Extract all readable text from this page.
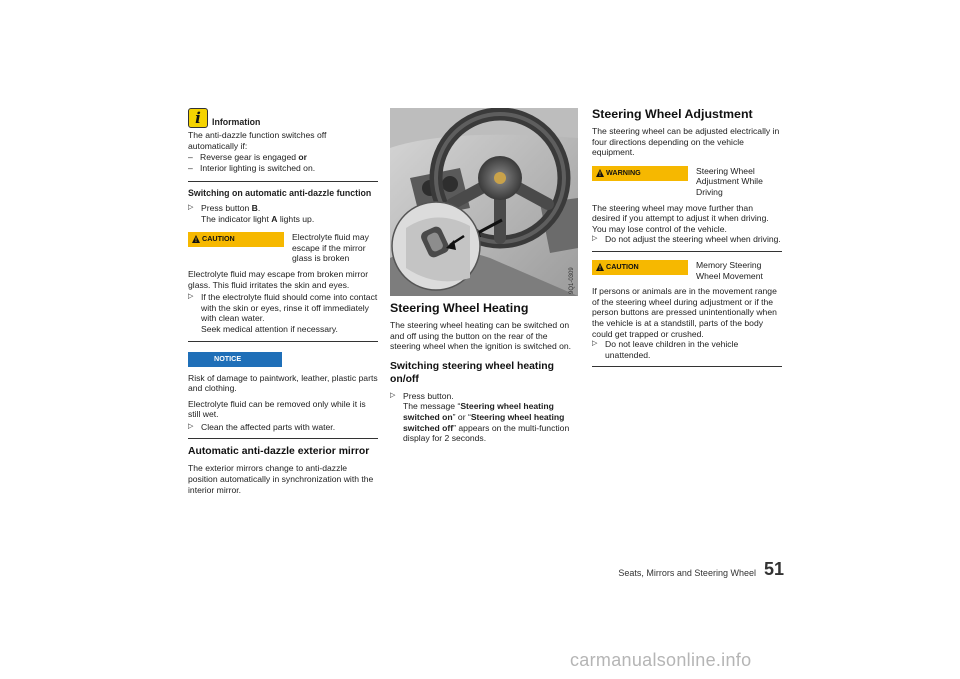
i	Information

The anti-dazzle function switches off automatically if:

– Reverse gear is engaged or
– Interior lighting is switched on.
Switching on automatic anti-dazzle function
▷ Press button B.
The indicator light A lights up.
!
CAUTION	Electrolyte fluid may escape if the mirror glass is broken

Electrolyte fluid may escape from broken mirror glass. This fluid irritates the skin and eyes.

▷ If the electrolyte fluid should come into contact with the skin or eyes, rinse it off immediately with clean water.
Seek medical attention if necessary.
NOTICE

Risk of damage to paintwork, leather, plastic parts and clothing.

Electrolyte fluid can be removed only while it is still wet.

▷ Clean the affected parts with water.
Automatic anti-dazzle exterior mirror

The exterior mirrors change to anti-dazzle position automatically in synchronization with the interior mirror.

9Q1-0309
Steering Wheel Heating

The steering wheel heating can be switched on and off using the button on the rear of the steering wheel when the ignition is switched on.

Switching steering wheel heating on/off
▷ Press button.
The message “Steering wheel heating switched on” or “Steering wheel heating switched off” appears on the multi-function display for 2 seconds.
Steering Wheel Adjustment

The steering wheel can be adjusted electrically in four directions depending on the vehicle equipment.

!
WARNING	Steering Wheel Adjustment While Driving

The steering wheel may move further than desired if you attempt to adjust it when driving.

You may lose control of the vehicle.

▷ Do not adjust the steering wheel when driving.
!
CAUTION	Memory Steering Wheel Movement

If persons or animals are in the movement range of the steering wheel during adjustment or if the person buttons are pressed unintentionally when the vehicle is at a standstill, parts of the body could get trapped or crushed.

▷ Do not leave children in the vehicle unattended.
Seats, Mirrors and Steering Wheel 51
carmanualsonline.info
